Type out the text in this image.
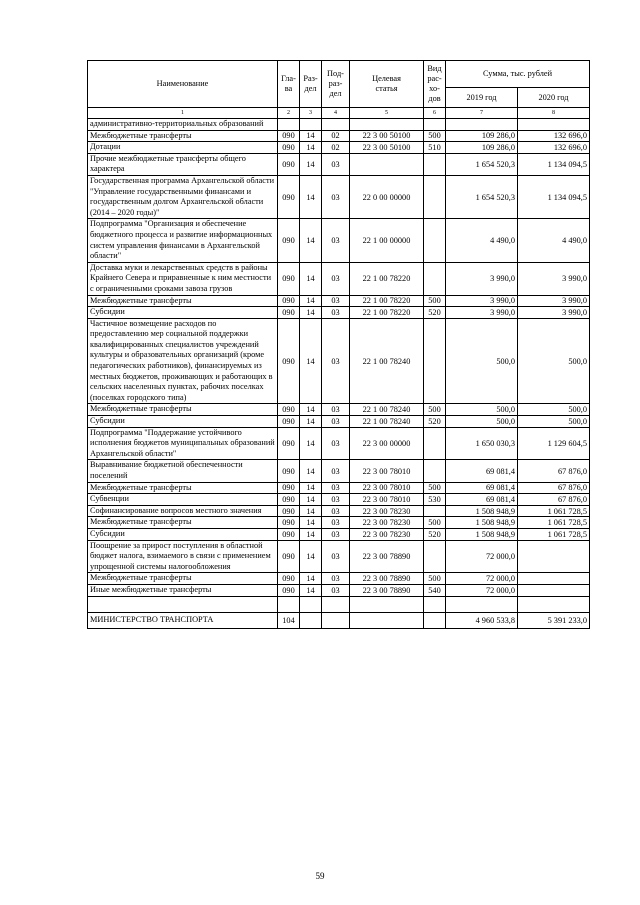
Наименование	Гла-
ва	Раз-
дел	Под-
раз-
дел	Целевая
статья	Вид
рас-
хо-
дов	Сумма, тыс. рублей	
						2019 год	2020 год
1	2	3	4	5	6	7	8
административно-территориальных образований							
Межбюджетные трансферты	090	14	02	22 3 00 50100	500	109 286,0	132 696,0
Дотации	090	14	02	22 3 00 50100	510	109 286,0	132 696,0
Прочие межбюджетные трансферты общего характера	090	14	03			1 654 520,3	1 134 094,5
Государственная программа Архангельской области "Управление государственными финансами и государственным долгом Архангельской области (2014 – 2020 годы)"	090	14	03	22 0 00 00000		1 654 520,3	1 134 094,5
Подпрограмма "Организация и обеспечение бюджетного процесса и развитие информационных систем управления финансами в Архангельской области"	090	14	03	22 1 00 00000		4 490,0	4 490,0
Доставка муки и лекарственных средств в районы Крайнего Севера и приравненные к ним местности с ограниченными сроками завоза грузов	090	14	03	22 1 00 78220		3 990,0	3 990,0
Межбюджетные трансферты	090	14	03	22 1 00 78220	500	3 990,0	3 990,0
Субсидии	090	14	03	22 1 00 78220	520	3 990,0	3 990,0
Частичное возмещение расходов по предоставлению мер социальной поддержки квалифицированных специалистов учреждений культуры и образовательных организаций (кроме педагогических работников), финансируемых из местных бюджетов, проживающих и работающих в сельских населенных пунктах, рабочих поселках (поселках городского типа)	090	14	03	22 1 00 78240		500,0	500,0
Межбюджетные трансферты	090	14	03	22 1 00 78240	500	500,0	500,0
Субсидии	090	14	03	22 1 00 78240	520	500,0	500,0
Подпрограмма "Поддержание устойчивого исполнения бюджетов муниципальных образований Архангельской области"	090	14	03	22 3 00 00000		1 650 030,3	1 129 604,5
Выравнивание бюджетной обеспеченности поселений	090	14	03	22 3 00 78010		69 081,4	67 876,0
Межбюджетные трансферты	090	14	03	22 3 00 78010	500	69 081,4	67 876,0
Субвенции	090	14	03	22 3 00 78010	530	69 081,4	67 876,0
Софинансирование вопросов местного значения	090	14	03	22 3 00 78230		1 508 948,9	1 061 728,5
Межбюджетные трансферты	090	14	03	22 3 00 78230	500	1 508 948,9	1 061 728,5
Субсидии	090	14	03	22 3 00 78230	520	1 508 948,9	1 061 728,5
Поощрение за прирост поступления в областной бюджет налога, взимаемого в связи с применением упрощенной системы налогообложения	090	14	03	22 3 00 78890		72 000,0	
Межбюджетные трансферты	090	14	03	22 3 00 78890	500	72 000,0	
Иные межбюджетные трансферты	090	14	03	22 3 00 78890	540	72 000,0	

МИНИСТЕРСТВО ТРАНСПОРТА	104					4 960 533,8	5 391 233,0
59
